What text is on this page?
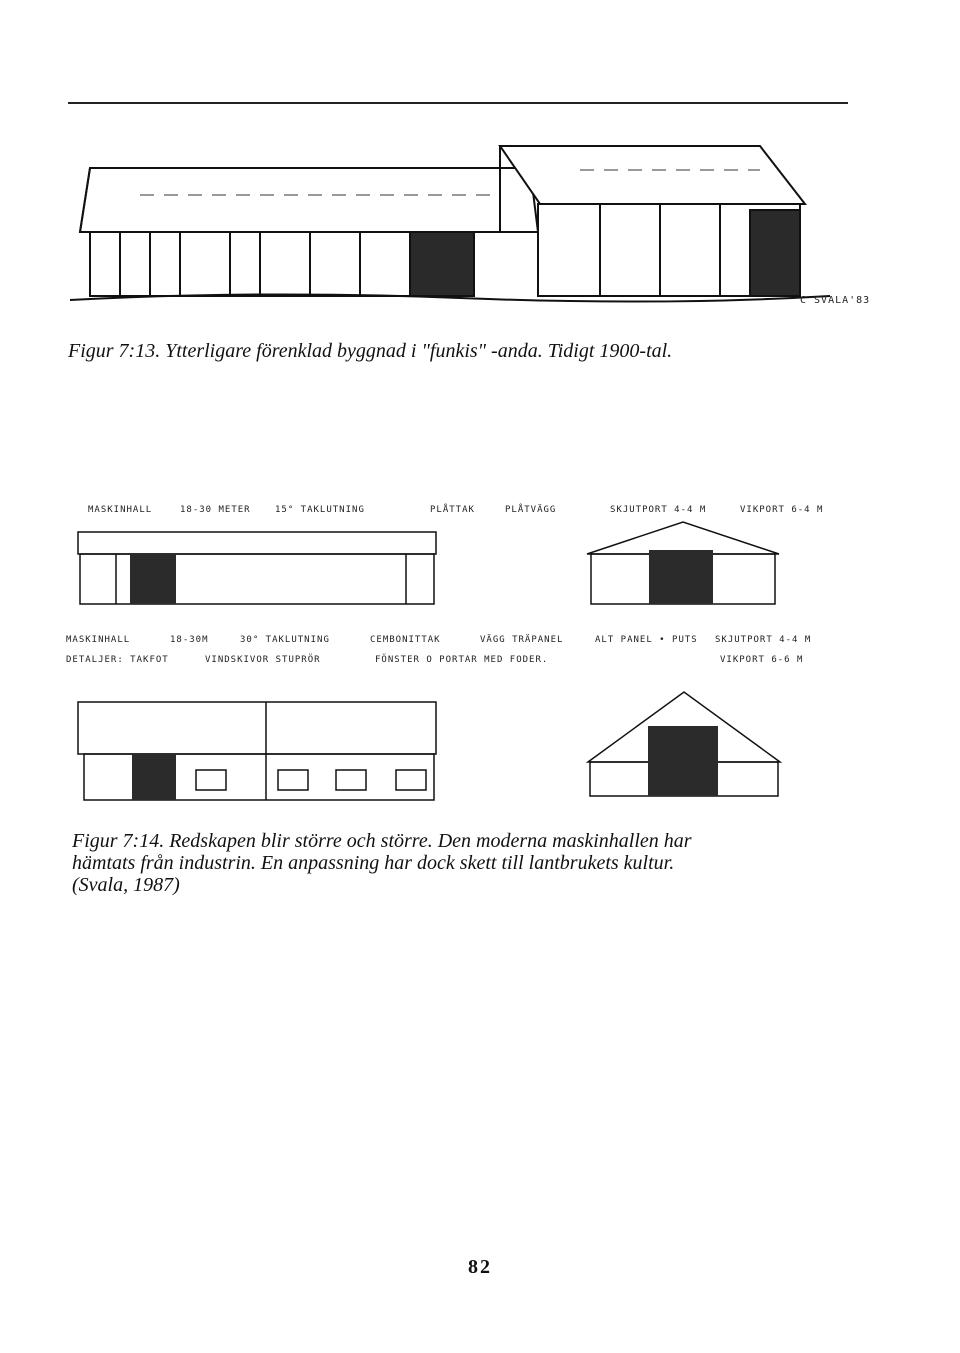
C SVALA'83
Figur 7:13. Ytterligare förenklad byggnad i "funkis" -anda. Tidigt 1900-tal.
MASKINHALL	18-30 METER	15° TAKLUTNING	PLÅTTAK	PLÅTVÄGG	SKJUTPORT 4-4 M	VIKPORT 6-4 M
MASKINHALL	18-30M	30° TAKLUTNING	CEMBONITTAK	VÄGG TRÄPANEL	ALT PANEL • PUTS SKJUTPORT 4-4 M
DETALJER: TAKFOT	VINDSKIVOR STUPRÖR	FÖNSTER O PORTAR MED FODER.	VIKPORT 6-6 M
Figur 7:14. Redskapen blir större och större. Den moderna maskinhallen har
hämtats från industrin. En anpassning har dock skett till lantbrukets kultur.
(Svala, 1987)
82
